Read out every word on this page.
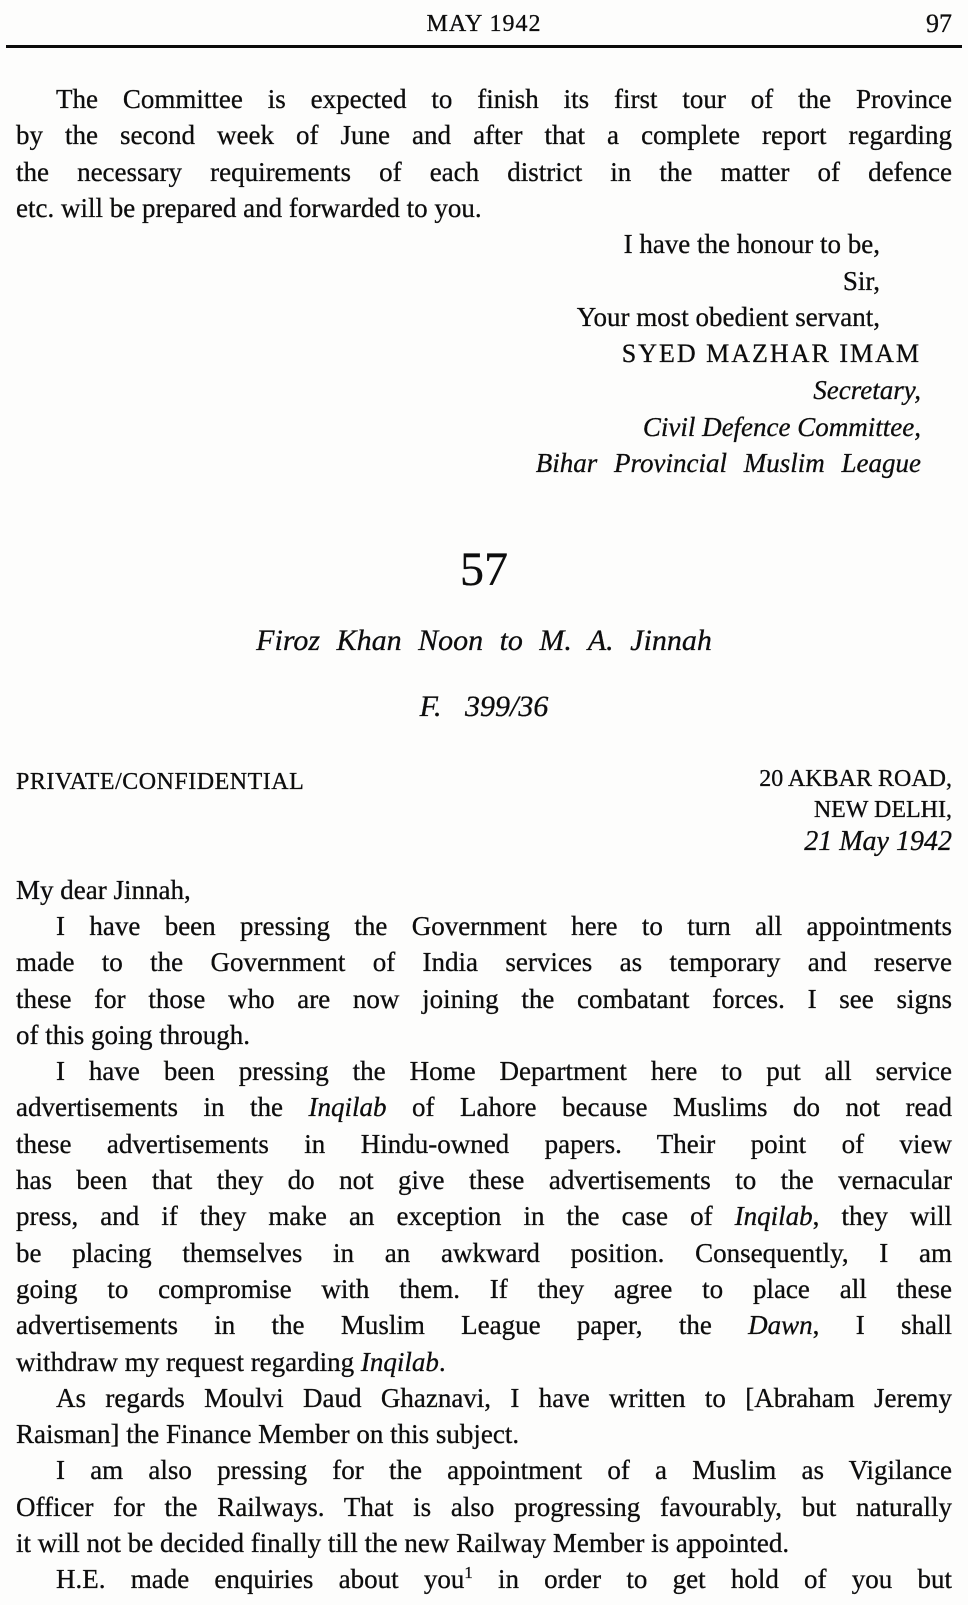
MAY 1942	97
The Committee is expected to finish its first tour of the Province
by the second week of June and after that a complete report regarding
the necessary requirements of each district in the matter of defence
etc. will be prepared and forwarded to you.
I have the honour to be,
Sir,
Your most obedient servant,
SYED MAZHAR IMAM
Secretary,
Civil Defence Committee,
Bihar Provincial Muslim League
57
Firoz Khan Noon to M. A. Jinnah
F. 399/36
PRIVATE/CONFIDENTIAL	20 AKBAR ROAD,
NEW DELHI,
21 May 1942
My dear Jinnah,
I have been pressing the Government here to turn all appointments
made to the Government of India services as temporary and reserve
these for those who are now joining the combatant forces. I see signs
of this going through.
I have been pressing the Home Department here to put all service
advertisements in the Inqilab of Lahore because Muslims do not read
these advertisements in Hindu-owned papers. Their point of view
has been that they do not give these advertisements to the vernacular
press, and if they make an exception in the case of Inqilab, they will
be placing themselves in an awkward position. Consequently, I am
going to compromise with them. If they agree to place all these
advertisements in the Muslim League paper, the Dawn, I shall
withdraw my request regarding Inqilab.
As regards Moulvi Daud Ghaznavi, I have written to [Abraham Jeremy
Raisman] the Finance Member on this subject.
I am also pressing for the appointment of a Muslim as Vigilance
Officer for the Railways. That is also progressing favourably, but naturally
it will not be decided finally till the new Railway Member is appointed.
H.E. made enquiries about you$^1$ in order to get hold of you but
